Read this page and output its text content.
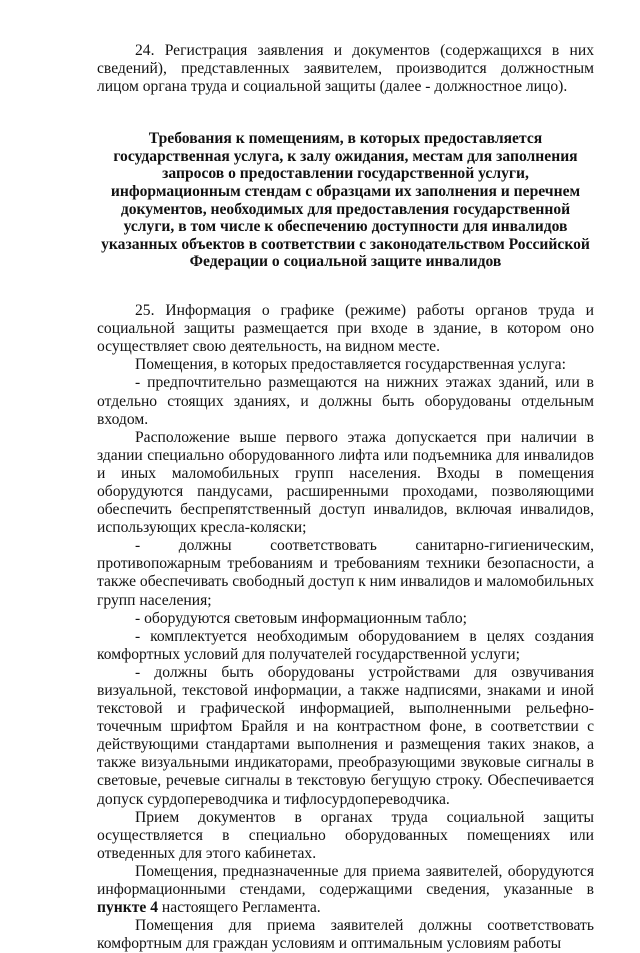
24. Регистрация заявления и документов (содержащихся в них сведений), представленных заявителем, производится должностным лицом органа труда и социальной защиты (далее - должностное лицо).

Требования к помещениям, в которых предоставляется государственная услуга, к залу ожидания, местам для заполнения запросов о предоставлении государственной услуги, информационным стендам с образцами их заполнения и перечнем документов, необходимых для предоставления государственной услуги, в том числе к обеспечению доступности для инвалидов указанных объектов в соответствии с законодательством Российской Федерации о социальной защите инвалидов

25. Информация о графике (режиме) работы органов труда и социальной защиты размещается при входе в здание, в котором оно осуществляет свою деятельность, на видном месте.

Помещения, в которых предоставляется государственная услуга:

- предпочтительно размещаются на нижних этажах зданий, или в отдельно стоящих зданиях, и должны быть оборудованы отдельным входом.

Расположение выше первого этажа допускается при наличии в здании специально оборудованного лифта или подъемника для инвалидов и иных маломобильных групп населения. Входы в помещения оборудуются пандусами, расширенными проходами, позволяющими обеспечить беспрепятственный доступ инвалидов, включая инвалидов, использующих кресла-коляски;

- должны соответствовать санитарно-гигиеническим, противопожарным требованиям и требованиям техники безопасности, а также обеспечивать свободный доступ к ним инвалидов и маломобильных групп населения;

- оборудуются световым информационным табло;

- комплектуется необходимым оборудованием в целях создания комфортных условий для получателей государственной услуги;

- должны быть оборудованы устройствами для озвучивания визуальной, текстовой информации, а также надписями, знаками и иной текстовой и графической информацией, выполненными рельефно-точечным шрифтом Брайля и на контрастном фоне, в соответствии с действующими стандартами выполнения и размещения таких знаков, а также визуальными индикаторами, преобразующими звуковые сигналы в световые, речевые сигналы в текстовую бегущую строку. Обеспечивается допуск сурдопереводчика и тифлосурдопереводчика.

Прием документов в органах труда социальной защиты осуществляется в специально оборудованных помещениях или отведенных для этого кабинетах.

Помещения, предназначенные для приема заявителей, оборудуются информационными стендами, содержащими сведения, указанные в пункте 4 настоящего Регламента.

Помещения для приема заявителей должны соответствовать комфортным для граждан условиям и оптимальным условиям работы
